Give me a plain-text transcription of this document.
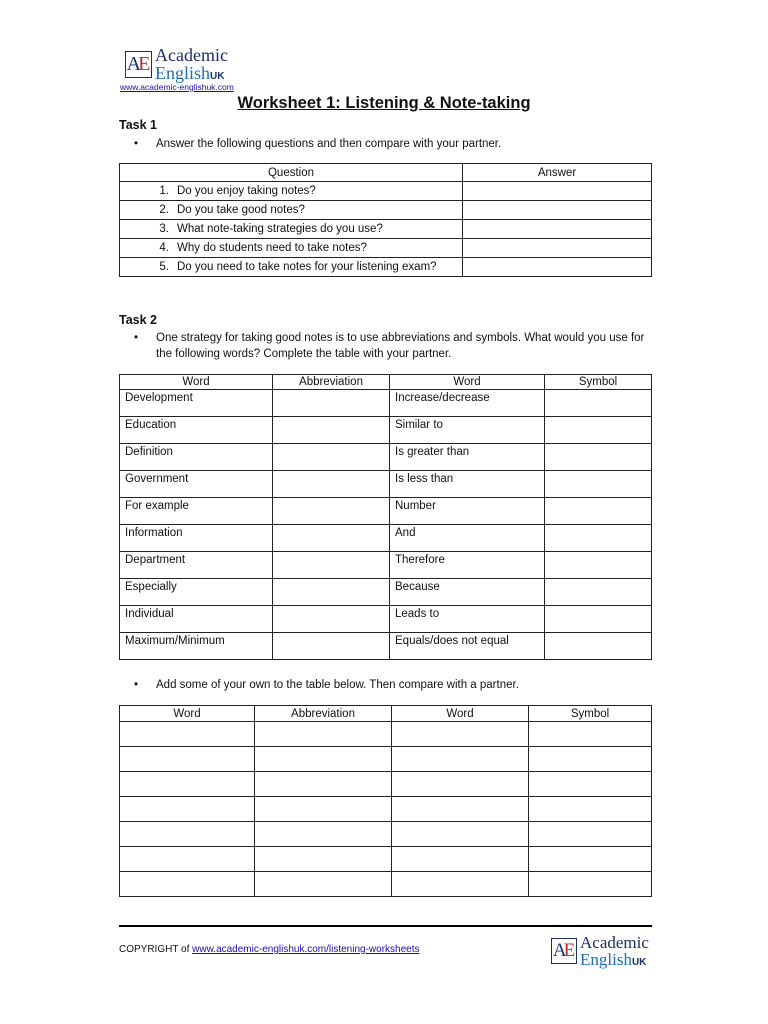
A
E Academic
EnglishUK
www.academic-englishuk.com
Worksheet 1: Listening & Note-taking
Task 1
• Answer the following questions and then compare with your partner.
Question	Answer
1. Do you enjoy taking notes?	
2. Do you take good notes?	
3. What note-taking strategies do you use?	
4. Why do students need to take notes?	
5. Do you need to take notes for your listening exam?	
Task 2
• One strategy for taking good notes is to use abbreviations and symbols. What would you use for the following words? Complete the table with your partner.
Word	Abbreviation	Word	Symbol
Development		Increase/decrease	
Education		Similar to	
Definition		Is greater than	
Government		Is less than	
For example		Number	
Information		And	
Department		Therefore	
Especially		Because	
Individual		Leads to	
Maximum/Minimum		Equals/does not equal	
• Add some of your own to the table below. Then compare with a partner.
Word	Abbreviation	Word	Symbol

COPYRIGHT of www.academic-englishuk.com/listening-worksheets	A
E Academic
EnglishUK
